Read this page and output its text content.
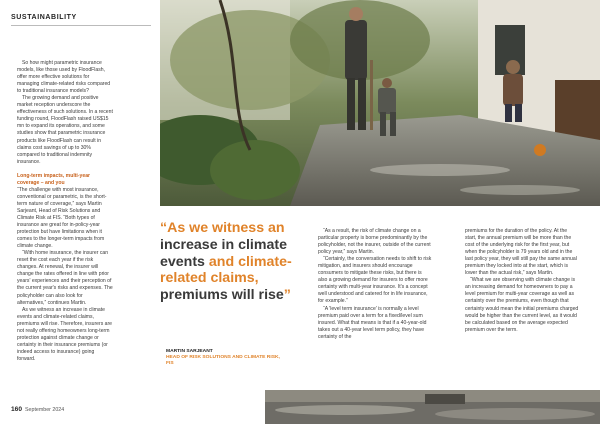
SUSTAINABILITY

So how might parametric insurance models, like those used by FloodFlash, offer more effective solutions for managing climate-related risks compared to traditional insurance models?

The growing demand and positive market reception underscore the effectiveness of such solutions. In a recent funding round, FloodFlash raised US$15 mn to expand its operations, and some studies show that parametric insurance products like FloodFlash can result in claims cost savings of up to 30% compared to traditional indemnity insurance.

Long-term impacts, multi-year coverage – and you

“The challenge with most insurance, conventional or parametric, is the short-term nature of coverage,” says Martin Sarjeant, Head of Risk Solutions and Climate Risk at FIS. “Both types of insurance are great for in-policy-year protection but have limitations when it comes to the longer-term impacts from climate change.

“With home insurance, the insurer can reset the cost each year if the risk changes. At renewal, the insurer will change the rates offered in line with prior years' experiences and their perception of the current year's risks and expenses. The policyholder can also look for alternatives,” continues Martin.

As we witness an increase in climate events and climate-related claims, premiums will rise. Therefore, insurers are not really offering homeowners long-term protection against climate change or certainty in their insurance premiums (or indeed access to insurance) going forward.

“As we witness an increase in climate events and climate-related claims, premiums will rise”
MARTIN SARJEANT
HEAD OF RISK SOLUTIONS AND CLIMATE RISK,
FIS

“As a result, the risk of climate change on a particular property is borne predominantly by the policyholder, not the insurer, outside of the current policy year,” says Martin.

“Certainly, the conversation needs to shift to risk mitigation, and insurers should encourage consumers to mitigate these risks, but there is also a growing demand for insurers to offer more certainty with multi-year insurance. It's a concept well understood and catered for in life insurance, for example.”

“A 'level term insurance' is normally a level premium paid over a term for a fixed/level sum insured. What that means is that if a 40-year-old takes out a 40-year level term policy, they have certainty of the

premiums for the duration of the policy. At the start, the annual premium will be more than the cost of the underlying risk for the first year, but when the policyholder is 79 years old and in the last policy year, they will still pay the same annual premium they locked into at the start, which is lower than the actual risk,” says Martin.

“What we are observing with climate change is an increasing demand for homeowners to pay a level premium for multi-year coverage as well as certainty over the premiums, even though that certainty would mean the initial premiums charged would be higher than the current level, as it would be calculated based on the average expected premium over the term.

160 September 2024
